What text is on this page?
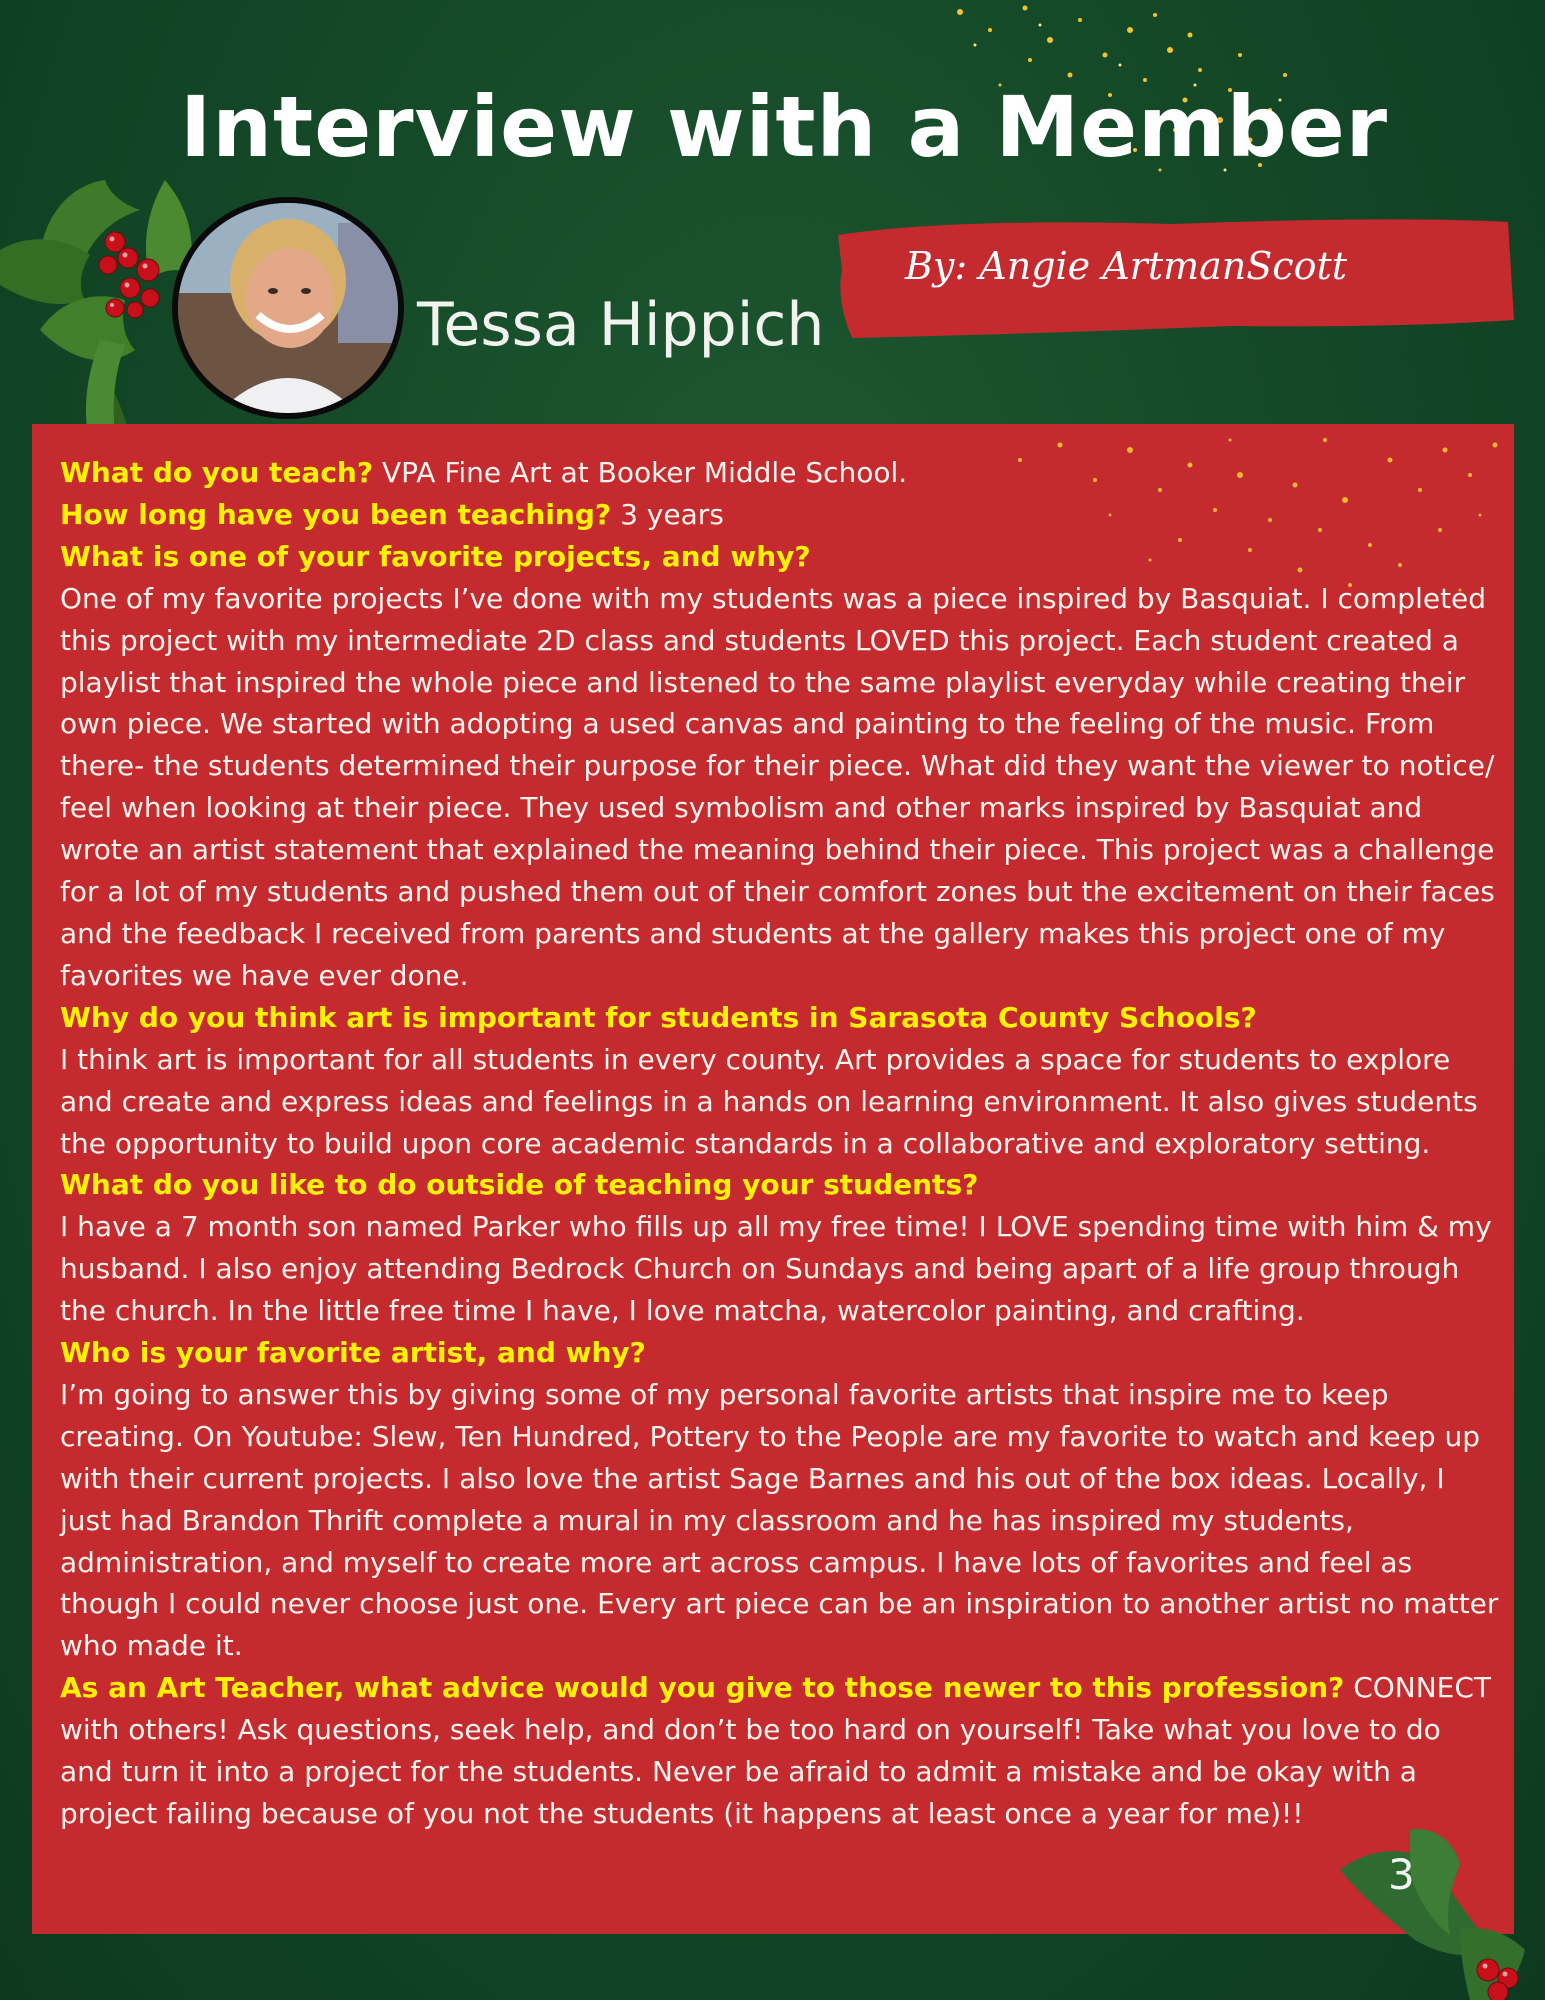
Interview with a Member
Tessa Hippich
By: Angie ArtmanScott

What do you teach? VPA Fine Art at Booker Middle School.

How long have you been teaching? 3 years

What is one of your favorite projects, and why?

One of my favorite projects I’ve done with my students was a piece inspired by Basquiat. I completed this project with my intermediate 2D class and students LOVED this project. Each student created a playlist that inspired the whole piece and listened to the same playlist everyday while creating their own piece. We started with adopting a used canvas and painting to the feeling of the music. From there- the students determined their purpose for their piece. What did they want the viewer to notice/ feel when looking at their piece. They used symbolism and other marks inspired by Basquiat and wrote an artist statement that explained the meaning behind their piece. This project was a challenge for a lot of my students and pushed them out of their comfort zones but the excitement on their faces and the feedback I received from parents and students at the gallery makes this project one of my favorites we have ever done.

Why do you think art is important for students in Sarasota County Schools?

I think art is important for all students in every county. Art provides a space for students to explore and create and express ideas and feelings in a hands on learning environment. It also gives students the opportunity to build upon core academic standards in a collaborative and exploratory setting.

What do you like to do outside of teaching your students?

I have a 7 month son named Parker who fills up all my free time! I LOVE spending time with him & my husband. I also enjoy attending Bedrock Church on Sundays and being apart of a life group through the church. In the little free time I have, I love matcha, watercolor painting, and crafting.

Who is your favorite artist, and why?

I’m going to answer this by giving some of my personal favorite artists that inspire me to keep creating. On Youtube: Slew, Ten Hundred, Pottery to the People are my favorite to watch and keep up with their current projects. I also love the artist Sage Barnes and his out of the box ideas. Locally, I just had Brandon Thrift complete a mural in my classroom and he has inspired my students, administration, and myself to create more art across campus. I have lots of favorites and feel as though I could never choose just one. Every art piece can be an inspiration to another artist no matter who made it.

As an Art Teacher, what advice would you give to those newer to this profession? CONNECT with others! Ask questions, seek help, and don’t be too hard on yourself! Take what you love to do and turn it into a project for the students. Never be afraid to admit a mistake and be okay with a project failing because of you not the students (it happens at least once a year for me)!!

3
